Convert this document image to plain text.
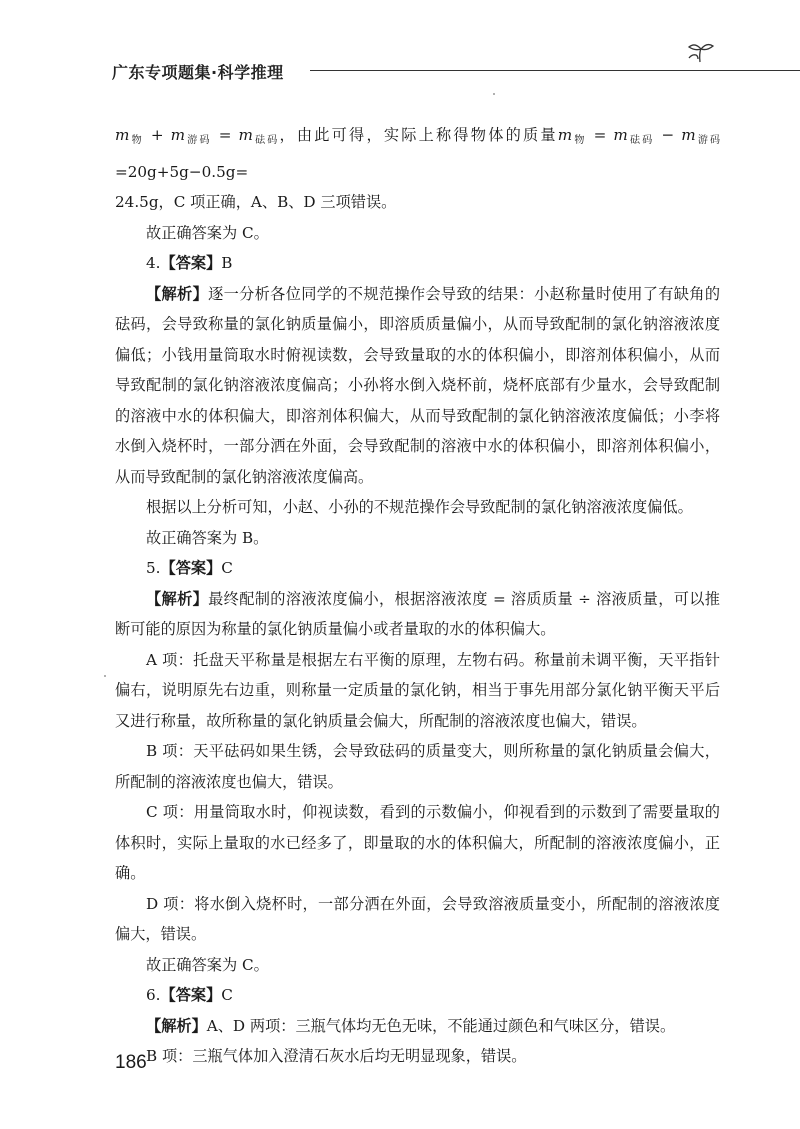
广东专项题集·科学推理

$m_物 + m_{游码} = m_{砝码}$，由此可得，实际上称得物体的质量$m_物 = m_{砝码} - m_{游码} =20g+5g-0.5g=$

24.5g，C 项正确，A、B、D 三项错误。

故正确答案为 C。

4.【答案】B

【解析】逐一分析各位同学的不规范操作会导致的结果：小赵称量时使用了有缺角的砝码，会导致称量的氯化钠质量偏小，即溶质质量偏小，从而导致配制的氯化钠溶液浓度偏低；小钱用量筒取水时俯视读数，会导致量取的水的体积偏小，即溶剂体积偏小，从而导致配制的氯化钠溶液浓度偏高；小孙将水倒入烧杯前，烧杯底部有少量水，会导致配制的溶液中水的体积偏大，即溶剂体积偏大，从而导致配制的氯化钠溶液浓度偏低；小李将水倒入烧杯时，一部分洒在外面，会导致配制的溶液中水的体积偏小，即溶剂体积偏小，从而导致配制的氯化钠溶液浓度偏高。

根据以上分析可知，小赵、小孙的不规范操作会导致配制的氯化钠溶液浓度偏低。

故正确答案为 B。

5.【答案】C

【解析】最终配制的溶液浓度偏小，根据溶液浓度 = 溶质质量 ÷ 溶液质量，可以推断可能的原因为称量的氯化钠质量偏小或者量取的水的体积偏大。

A 项：托盘天平称量是根据左右平衡的原理，左物右码。称量前未调平衡，天平指针偏右，说明原先右边重，则称量一定质量的氯化钠，相当于事先用部分氯化钠平衡天平后又进行称量，故所称量的氯化钠质量会偏大，所配制的溶液浓度也偏大，错误。

B 项：天平砝码如果生锈，会导致砝码的质量变大，则所称量的氯化钠质量会偏大，所配制的溶液浓度也偏大，错误。

C 项：用量筒取水时，仰视读数，看到的示数偏小，仰视看到的示数到了需要量取的体积时，实际上量取的水已经多了，即量取的水的体积偏大，所配制的溶液浓度偏小，正确。

D 项：将水倒入烧杯时，一部分洒在外面，会导致溶液质量变小，所配制的溶液浓度偏大，错误。

故正确答案为 C。

6.【答案】C

【解析】A、D 两项：三瓶气体均无色无味，不能通过颜色和气味区分，错误。

B 项：三瓶气体加入澄清石灰水后均无明显现象，错误。

186
